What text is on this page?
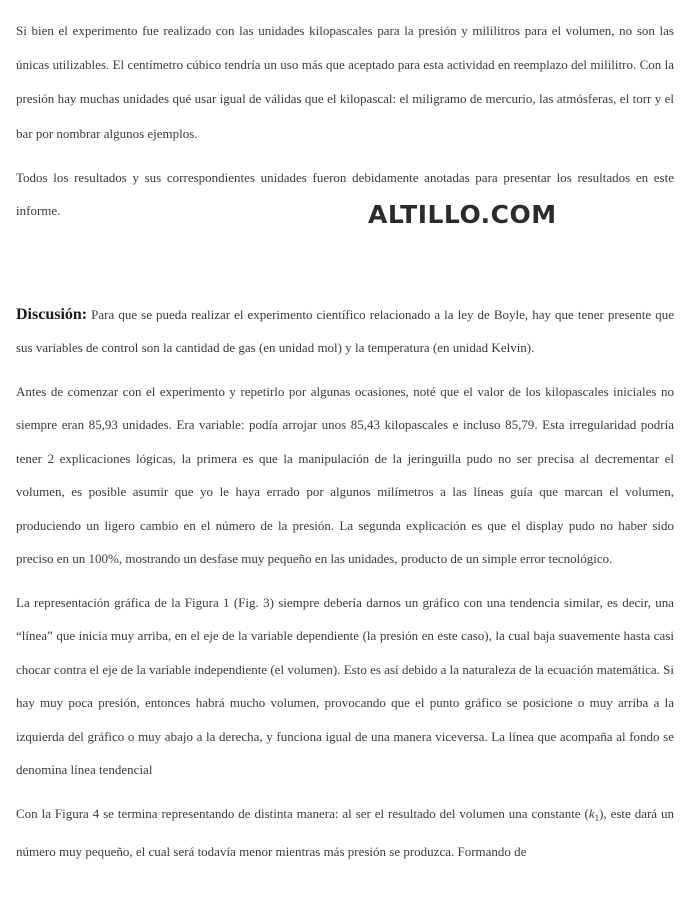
Si bien el experimento fue realizado con las unidades kilopascales para la presión y mililitros para el volumen, no son las únicas utilizables. El centímetro cúbico tendría un uso más que aceptado para esta actividad en reemplazo del mililitro. Con la presión hay muchas unidades qué usar igual de válidas que el kilopascal: el miligramo de mercurio, las atmósferas, el torr y el bar por nombrar algunos ejemplos.

Todos los resultados y sus correspondientes unidades fueron debidamente anotadas para presentar los resultados en este informe.

Discusión: Para que se pueda realizar el experimento científico relacionado a la ley de Boyle, hay que tener presente que sus variables de control son la cantidad de gas (en unidad mol) y la temperatura (en unidad Kelvin).

Antes de comenzar con el experimento y repetirlo por algunas ocasiones, noté que el valor de los kilopascales iniciales no siempre eran 85,93 unidades. Era variable: podía arrojar unos 85,43 kilopascales e incluso 85,79. Esta irregularidad podría tener 2 explicaciones lógicas, la primera es que la manipulación de la jeringuilla pudo no ser precisa al decrementar el volumen, es posible asumir que yo le haya errado por algunos milímetros a las líneas guía que marcan el volumen, produciendo un ligero cambio en el número de la presión. La segunda explicación es que el display pudo no haber sido preciso en un 100%, mostrando un desfase muy pequeño en las unidades, producto de un simple error tecnológico.

La representación gráfica de la Figura 1 (Fig. 3) siempre debería darnos un gráfico con una tendencia similar, es decir, una “línea” que inicia muy arriba, en el eje de la variable dependiente (la presión en este caso), la cual baja suavemente hasta casi chocar contra el eje de la variable independiente (el volumen). Esto es así debido a la naturaleza de la ecuación matemática. Si hay muy poca presión, entonces habrá mucho volumen, provocando que el punto gráfico se posicione o muy arriba a la izquierda del gráfico o muy abajo a la derecha, y funciona igual de una manera viceversa. La línea que acompaña al fondo se denomina línea tendencial

Con la Figura 4 se termina representando de distinta manera: al ser el resultado del volumen una constante $(k_1)$, este dará un número muy pequeño, el cual será todavía menor mientras más presión se produzca. Formando de

ALTILLO.COM
